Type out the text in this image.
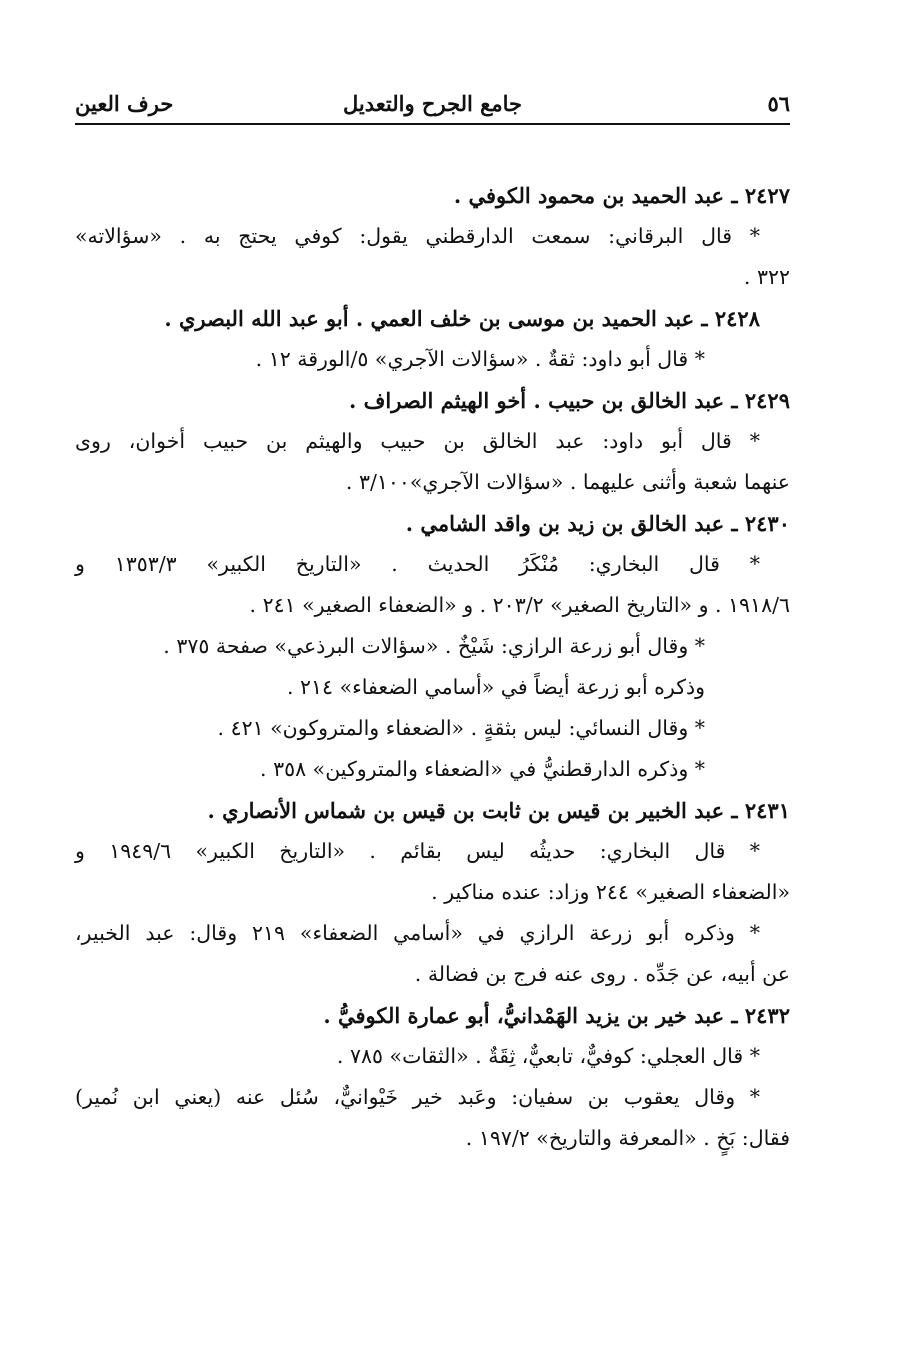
٥٦
جامع الجرح والتعديل
حرف العين

٢٤٢٧ ـ عبد الحميد بن محمود الكوفي .

* قال البرقاني: سمعت الدارقطني يقول: كوفي يحتج به . «سؤالاته»

٣٢٢ .

٢٤٢٨ ـ عبد الحميد بن موسى بن خلف العمي . أبو عبد الله البصري .

* قال أبو داود: ثقةٌ . «سؤالات الآجري» ٥/الورقة ١٢ .

٢٤٢٩ ـ عبد الخالق بن حبيب . أخو الهيثم الصراف .

* قال أبو داود: عبد الخالق بن حبيب والهيثم بن حبيب أخوان، روى

عنهما شعبة وأثنى عليهما . «سؤالات الآجري»٣/١٠٠ .

٢٤٣٠ ـ عبد الخالق بن زيد بن واقد الشامي .

* قال البخاري: مُنْكَرُ الحديث . «التاريخ الكبير» ١٣٥٣/٣ و

١٩١٨/٦ . و «التاريخ الصغير» ٢٠٣/٢ . و «الضعفاء الصغير» ٢٤١ .

* وقال أبو زرعة الرازي: شَيْخٌ . «سؤالات البرذعي» صفحة ٣٧٥ .

وذكره أبو زرعة أيضاً في «أسامي الضعفاء» ٢١٤ .

* وقال النسائي: ليس بثقةٍ . «الضعفاء والمتروكون» ٤٢١ .

* وذكره الدارقطنيُّ في «الضعفاء والمتروكين» ٣٥٨ .

٢٤٣١ ـ عبد الخبير بن قيس بن ثابت بن قيس بن شماس الأنصاري .

* قال البخاري: حديثُه ليس بقائم . «التاريخ الكبير» ١٩٤٩/٦ و

«الضعفاء الصغير» ٢٤٤ وزاد: عنده مناكير .

* وذكره أبو زرعة الرازي في «أسامي الضعفاء» ٢١٩ وقال: عبد الخبير،

عن أبيه، عن جَدِّه . روى عنه فرج بن فضالة .

٢٤٣٢ ـ عبد خير بن يزيد الهَمْدانيُّ، أبو عمارة الكوفيُّ .

* قال العجلي: كوفيٌّ، تابعيٌّ، ثِقَةٌ . «الثقات» ٧٨٥ .

* وقال يعقوب بن سفيان: وعَبد خير خَيْوانيٌّ، سُئل عنه (يعني ابن نُمير)

فقال: بَخٍ . «المعرفة والتاريخ» ١٩٧/٢ .
